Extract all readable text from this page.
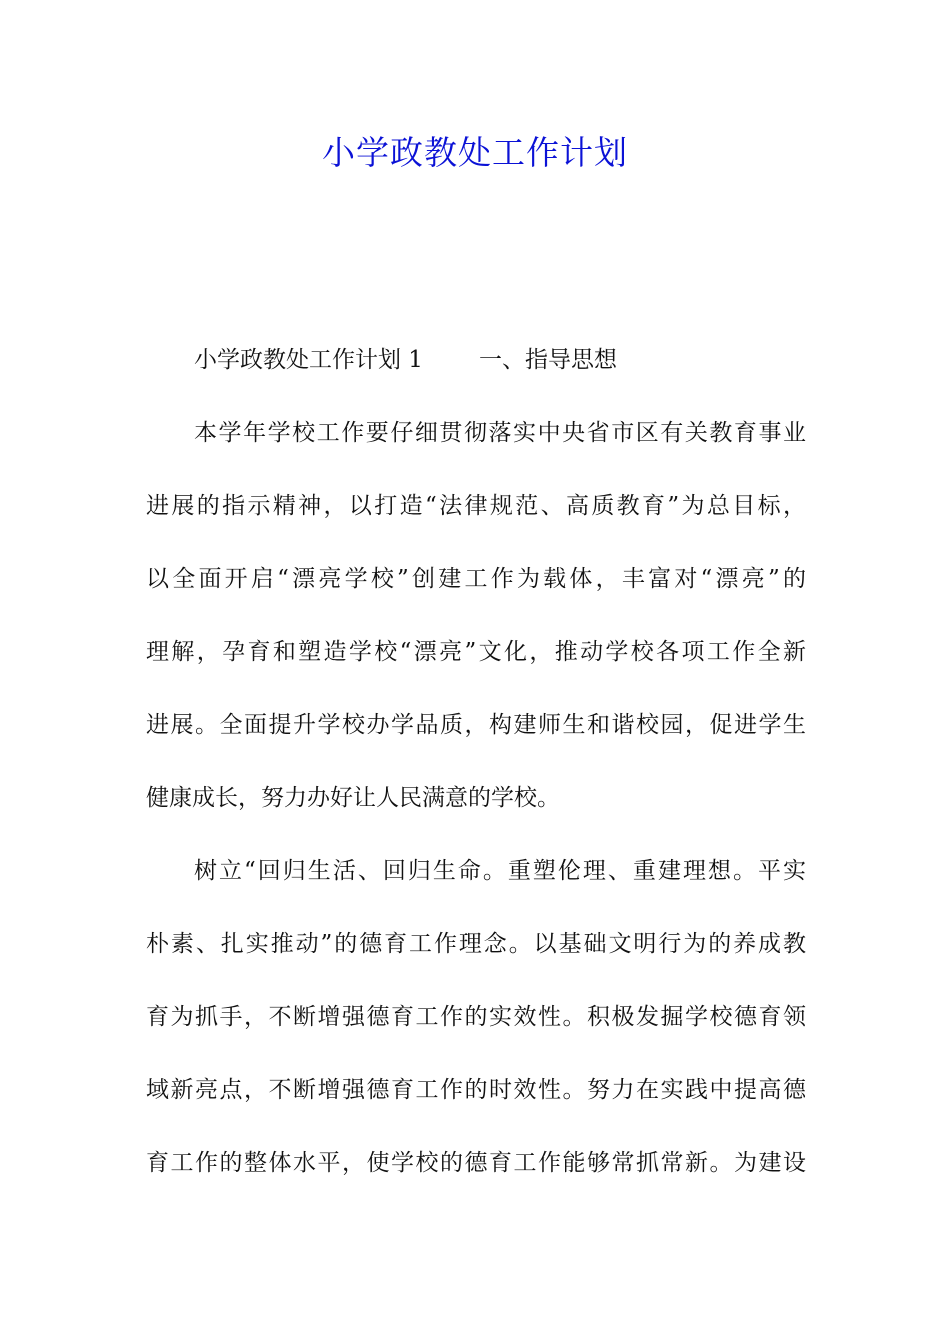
小学政教处工作计划
小学政教处工作计划 1 一、指导思想

本学年学校工作要仔细贯彻落实中央省市区有关教育事业
进展的指示精神，以打造“法律规范、高质教育”为总目标，
以全面开启“漂亮学校”创建工作为载体，丰富对“漂亮”的
理解，孕育和塑造学校“漂亮”文化，推动学校各项工作全新
进展。全面提升学校办学品质，构建师生和谐校园，促进学生
健康成长，努力办好让人民满意的学校。

树立“回归生活、回归生命。重塑伦理、重建理想。平实
朴素、扎实推动”的德育工作理念。以基础文明行为的养成教
育为抓手，不断增强德育工作的实效性。积极发掘学校德育领
域新亮点，不断增强德育工作的时效性。努力在实践中提高德
育工作的整体水平，使学校的德育工作能够常抓常新。为建设
